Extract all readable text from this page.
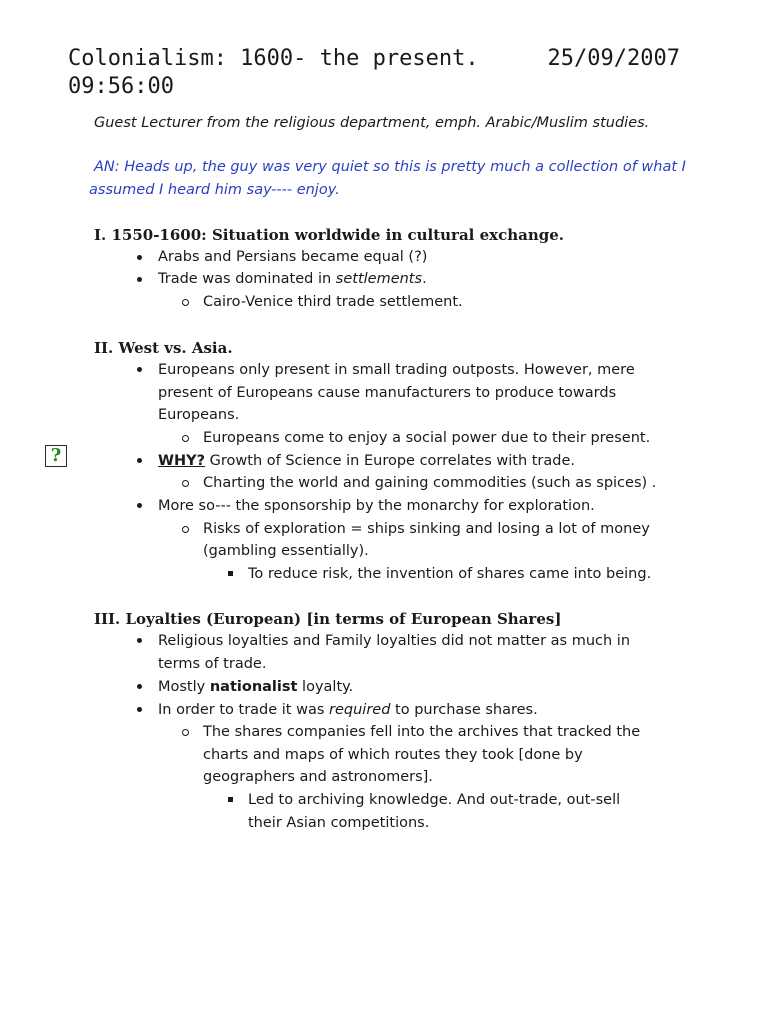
Colonialism: 1600- the present.	25/09/2007
09:56:00
Guest Lecturer from the religious department, emph. Arabic/Muslim studies.
AN: Heads up, the guy was very quiet so this is pretty much a collection of what I
assumed I heard him say---- enjoy.
I. 1550-1600: Situation worldwide in cultural exchange.
Arabs and Persians became equal (?)
Trade was dominated in settlements.
Cairo-Venice third trade settlement.
II. West vs. Asia.
Europeans only present in small trading outposts. However, mere
present of Europeans cause manufacturers to produce towards
Europeans.
Europeans come to enjoy a social power due to their present.
?	WHY? Growth of Science in Europe correlates with trade.
Charting the world and gaining commodities (such as spices) .
More so--- the sponsorship by the monarchy for exploration.
Risks of exploration = ships sinking and losing a lot of money
(gambling essentially).
To reduce risk, the invention of shares came into being.
III. Loyalties (European) [in terms of European Shares]
Religious loyalties and Family loyalties did not matter as much in
terms of trade.
Mostly nationalist loyalty.
In order to trade it was required to purchase shares.
The shares companies fell into the archives that tracked the
charts and maps of which routes they took [done by
geographers and astronomers].
Led to archiving knowledge. And out-trade, out-sell
their Asian competitions.
